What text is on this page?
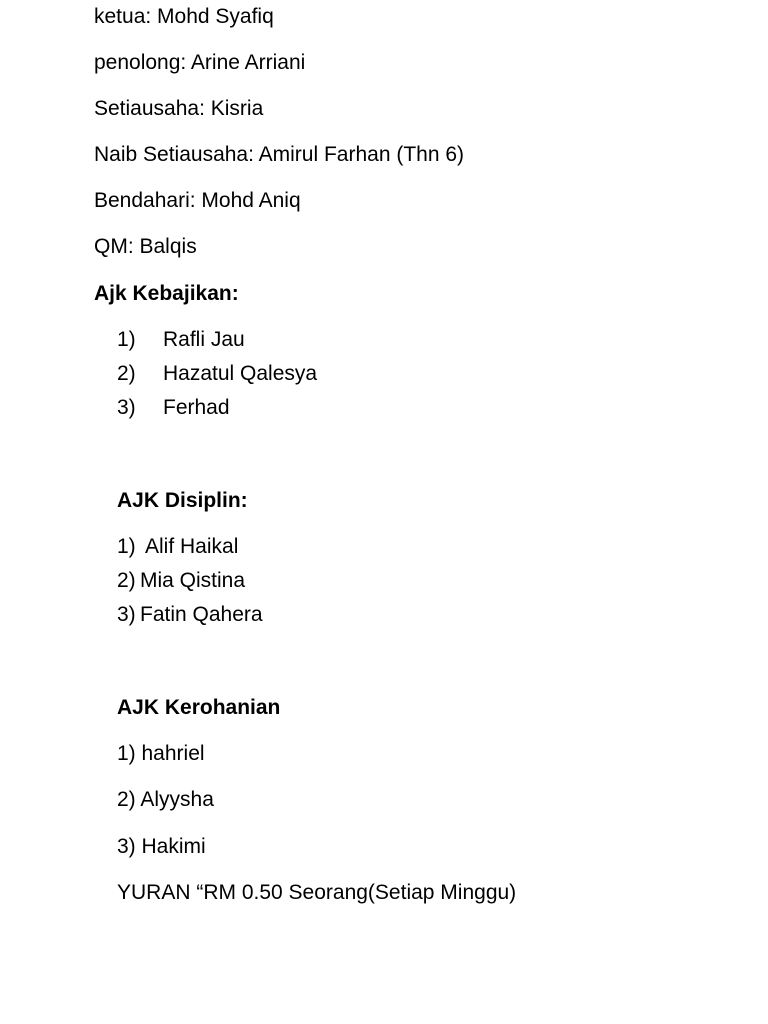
ketua: Mohd Syafiq
penolong: Arine Arriani
Setiausaha: Kisria
Naib Setiausaha: Amirul Farhan (Thn 6)
Bendahari: Mohd Aniq
QM: Balqis
Ajk Kebajikan:
1) Rafli Jau
2) Hazatul Qalesya
3) Ferhad
AJK Disiplin:
1) Alif Haikal
2) Mia Qistina
3) Fatin Qahera
AJK Kerohanian
1) hahriel
2) Alyysha
3) Hakimi
YURAN “RM 0.50 Seorang(Setiap Minggu)
